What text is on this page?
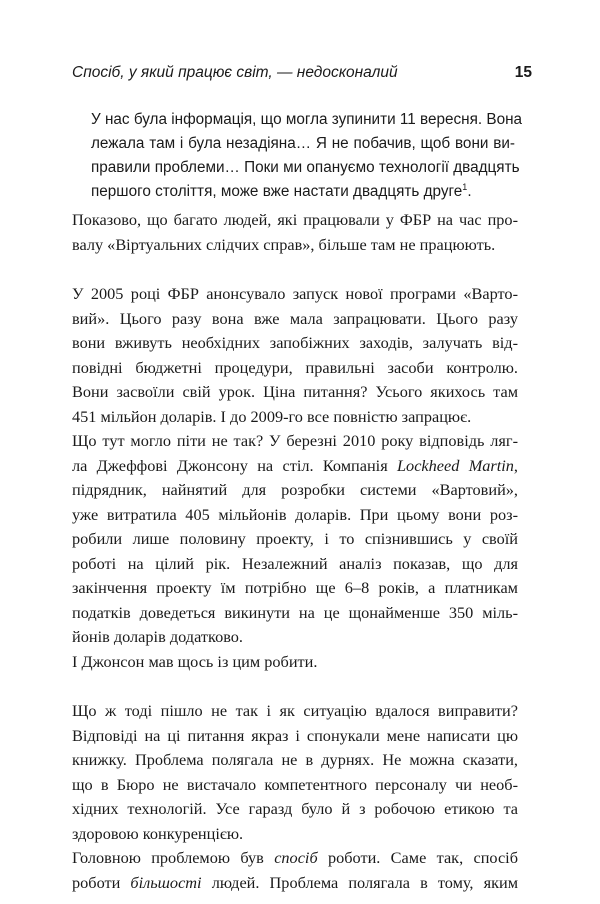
Спосіб, у який працює світ, — недосконалий	15
У нас була інформація, що могла зупинити 11 вересня. Вона
лежала там і була незадіяна… Я не побачив, щоб вони ви-
правили проблеми… Поки ми опануємо технології двадцять
першого століття, може вже настати двадцять друге$^1$.
Показово, що багато людей, які працювали у ФБР на час про-
валу «Віртуальних слідчих справ», більше там не працюють.
У 2005 році ФБР анонсувало запуск нової програми «Варто-
вий». Цього разу вона вже мала запрацювати. Цього разу
вони вживуть необхідних запобіжних заходів, залучать від-
повідні бюджетні процедури, правильні засоби контролю.
Вони засвоїли свій урок. Ціна питання? Усього якихось там
451 мільйон доларів. І до 2009-го все повністю запрацює.
Що тут могло піти не так? У березні 2010 року відповідь ляг-
ла Джеффові Джонсону на стіл. Компанія Lockheed Martin,
підрядник, найнятий для розробки системи «Вартовий»,
уже витратила 405 мільйонів доларів. При цьому вони роз-
робили лише половину проекту, і то спізнившись у своїй
роботі на цілий рік. Незалежний аналіз показав, що для
закінчення проекту їм потрібно ще 6–8 років, а платникам
податків доведеться викинути на це щонайменше 350 міль-
йонів доларів додатково.
І Джонсон мав щось із цим робити.
Що ж тоді пішло не так і як ситуацію вдалося виправити?
Відповіді на ці питання якраз і спонукали мене написати цю
книжку. Проблема полягала не в дурнях. Не можна сказати,
що в Бюро не вистачало компетентного персоналу чи необ-
хідних технологій. Усе гаразд було й з робочою етикою та
здоровою конкуренцією.
Головною проблемою був спосіб роботи. Саме так, спосіб
роботи більшості людей. Проблема полягала в тому, яким
